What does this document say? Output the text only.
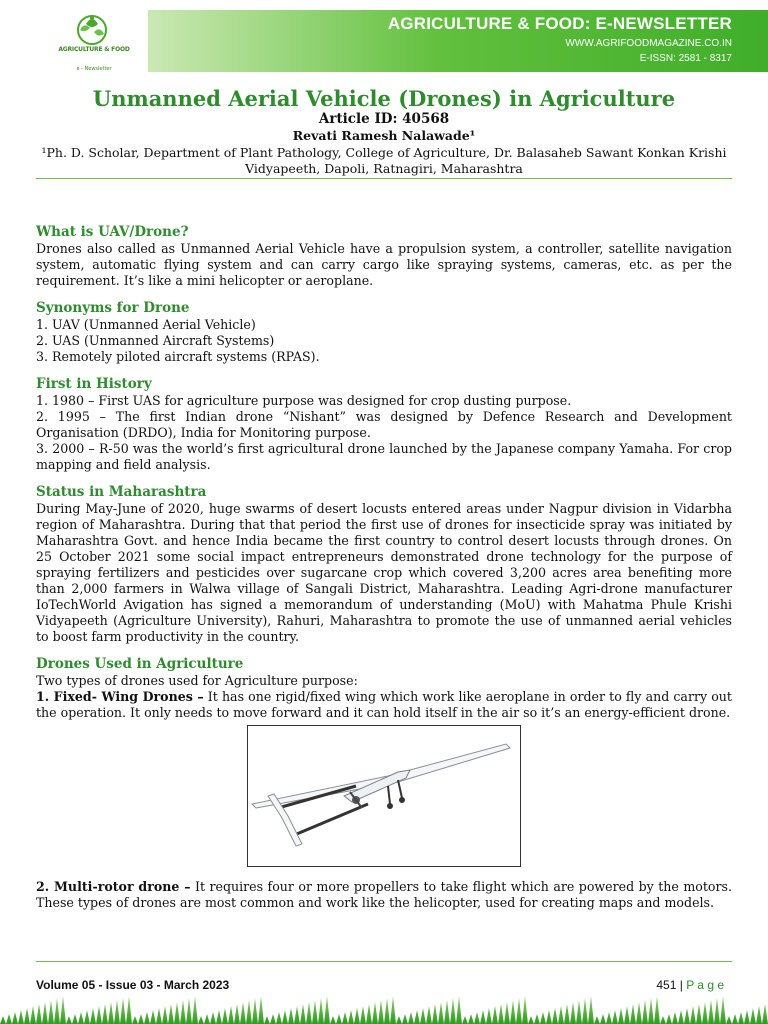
AGRICULTURE & FOOD
e - Newsletter
AGRICULTURE & FOOD: E-NEWSLETTER
WWW.AGRIFOODMAGAZINE.CO.IN
E-ISSN: 2581 - 8317
Unmanned Aerial Vehicle (Drones) in Agriculture
Article ID: 40568
Revati Ramesh Nalawade¹
¹Ph. D. Scholar, Department of Plant Pathology, College of Agriculture, Dr. Balasaheb Sawant Konkan Krishi Vidyapeeth, Dapoli, Ratnagiri, Maharashtra

What is UAV/Drone?

Drones also called as Unmanned Aerial Vehicle have a propulsion system, a controller, satellite navigation system, automatic flying system and can carry cargo like spraying systems, cameras, etc. as per the requirement. It’s like a mini helicopter or aeroplane.

Synonyms for Drone

1. UAV (Unmanned Aerial Vehicle)

2. UAS (Unmanned Aircraft Systems)

3. Remotely piloted aircraft systems (RPAS).

First in History

1. 1980 – First UAS for agriculture purpose was designed for crop dusting purpose.

2. 1995 – The first Indian drone “Nishant” was designed by Defence Research and Development Organisation (DRDO), India for Monitoring purpose.

3. 2000 – R-50 was the world’s first agricultural drone launched by the Japanese company Yamaha. For crop mapping and field analysis.

Status in Maharashtra

During May-June of 2020, huge swarms of desert locusts entered areas under Nagpur division in Vidarbha region of Maharashtra. During that that period the first use of drones for insecticide spray was initiated by Maharashtra Govt. and hence India became the first country to control desert locusts through drones. On 25 October 2021 some social impact entrepreneurs demonstrated drone technology for the purpose of spraying fertilizers and pesticides over sugarcane crop which covered 3,200 acres area benefiting more than 2,000 farmers in Walwa village of Sangali District, Maharashtra. Leading Agri-drone manufacturer IoTechWorld Avigation has signed a memorandum of understanding (MoU) with Mahatma Phule Krishi Vidyapeeth (Agriculture University), Rahuri, Maharashtra to promote the use of unmanned aerial vehicles to boost farm productivity in the country.

Drones Used in Agriculture

Two types of drones used for Agriculture purpose:

1. Fixed- Wing Drones – It has one rigid/fixed wing which work like aeroplane in order to fly and carry out the operation. It only needs to move forward and it can hold itself in the air so it’s an energy-efficient drone.

2. Multi-rotor drone – It requires four or more propellers to take flight which are powered by the motors. These types of drones are most common and work like the helicopter, used for creating maps and models.

Volume 05 - Issue 03 - March 2023	451 | P a g e
